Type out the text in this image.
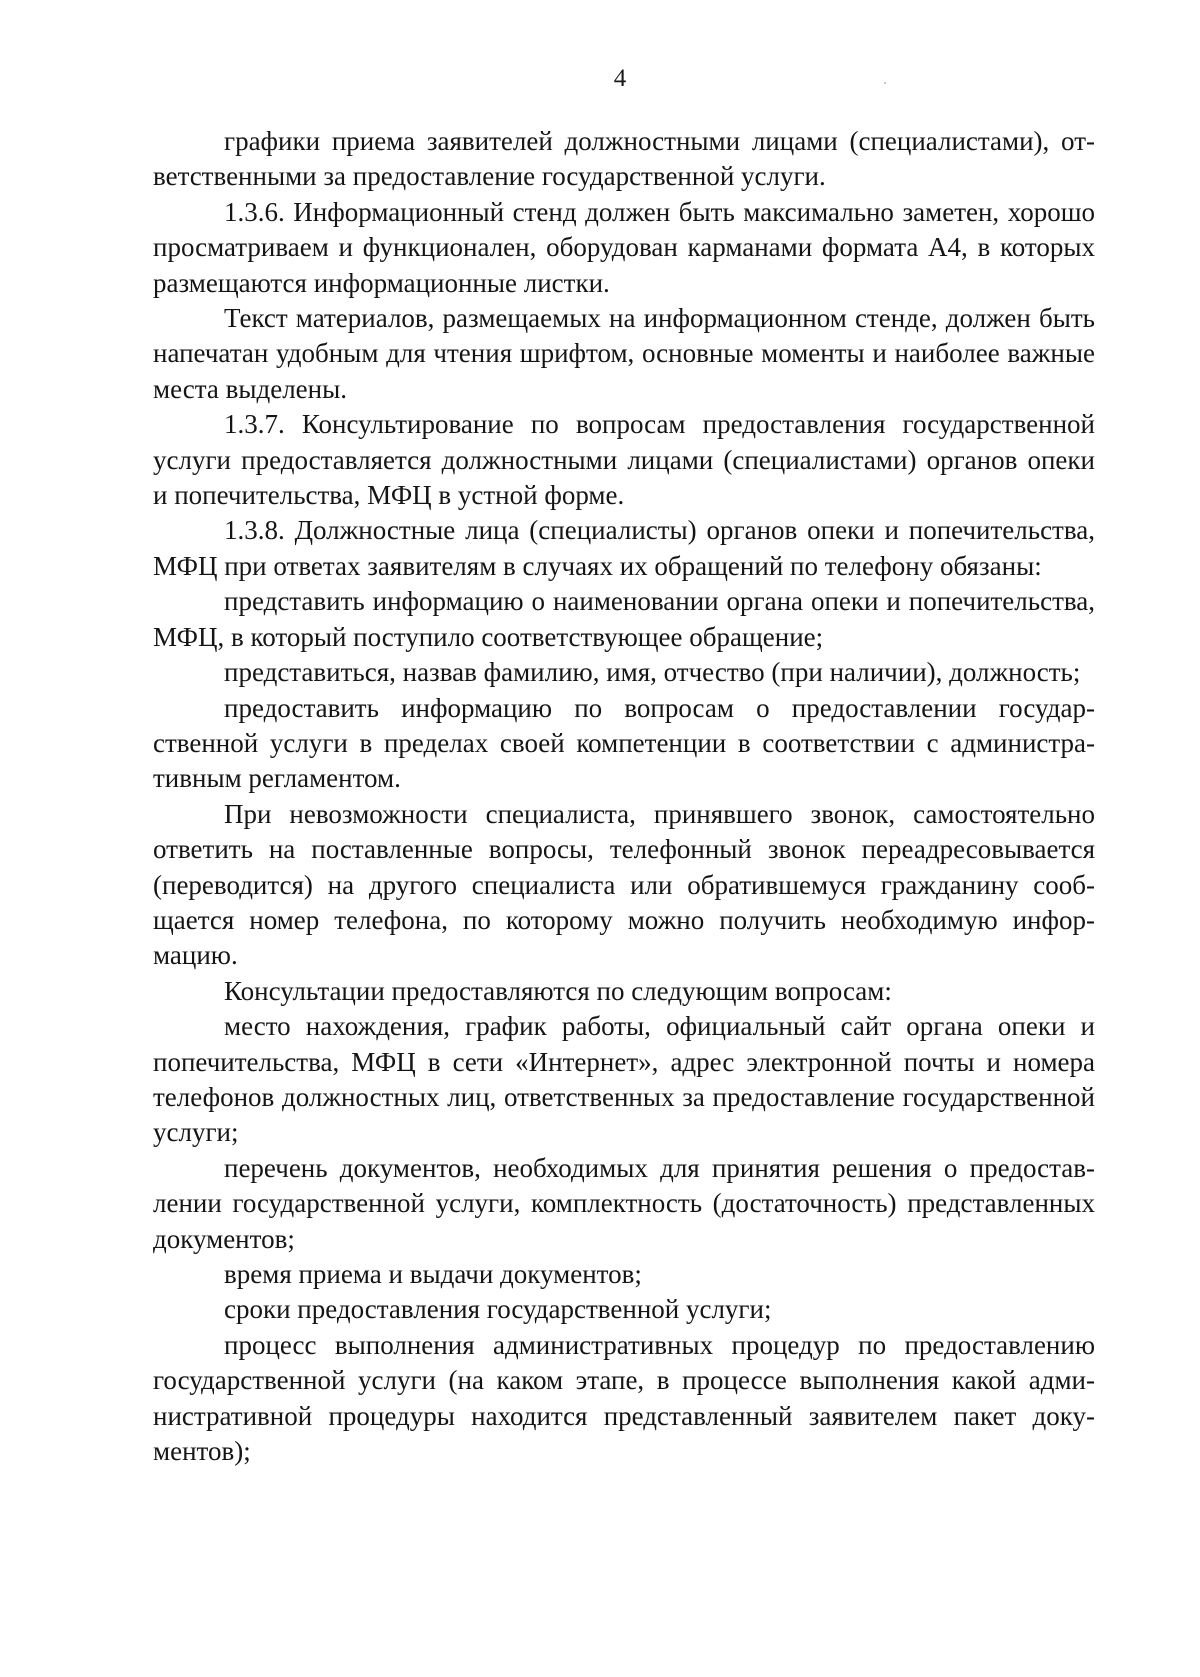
4

графики приема заявителей должностными лицами (специалистами), ответственными за предоставление государственной услуги.

1.3.6. Информационный стенд должен быть максимально заметен, хорошо просматриваем и функционален, оборудован карманами формата А4, в которых размещаются информационные листки.

Текст материалов, размещаемых на информационном стенде, должен быть напечатан удобным для чтения шрифтом, основные моменты и наиболее важные места выделены.

1.3.7. Консультирование по вопросам предоставления государственной услуги предоставляется должностными лицами (специалистами) органов опеки и попечительства, МФЦ в устной форме.

1.3.8. Должностные лица (специалисты) органов опеки и попечительства, МФЦ при ответах заявителям в случаях их обращений по телефону обязаны:

представить информацию о наименовании органа опеки и попечительства, МФЦ, в который поступило соответствующее обращение;

представиться, назвав фамилию, имя, отчество (при наличии), должность;

предоставить информацию по вопросам о предоставлении государственной услуги в пределах своей компетенции в соответствии с административным регламентом.

При невозможности специалиста, принявшего звонок, самостоятельно ответить на поставленные вопросы, телефонный звонок переадресовывается (переводится) на другого специалиста или обратившемуся гражданину сообщается номер телефона, по которому можно получить необходимую информацию.

Консультации предоставляются по следующим вопросам:

место нахождения, график работы, официальный сайт органа опеки и попечительства, МФЦ в сети «Интернет», адрес электронной почты и номера телефонов должностных лиц, ответственных за предоставление государственной услуги;

перечень документов, необходимых для принятия решения о предоставлении государственной услуги, комплектность (достаточность) представленных документов;

время приема и выдачи документов;

сроки предоставления государственной услуги;

процесс выполнения административных процедур по предоставлению государственной услуги (на каком этапе, в процессе выполнения какой административной процедуры находится представленный заявителем пакет документов);
